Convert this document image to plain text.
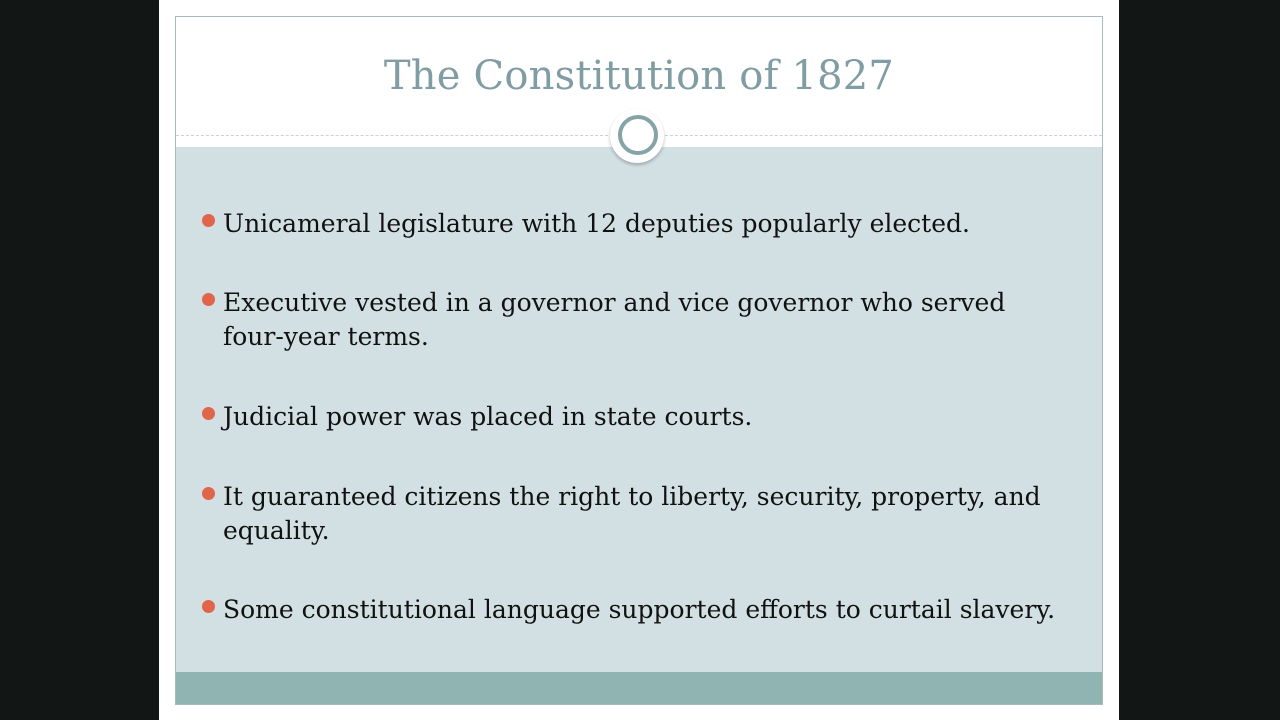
The Constitution of 1827
Unicameral legislature with 12 deputies popularly elected.
Executive vested in a governor and vice governor who served four-year terms.
Judicial power was placed in state courts.
It guaranteed citizens the right to liberty, security, property, and equality.
Some constitutional language supported efforts to curtail slavery.
